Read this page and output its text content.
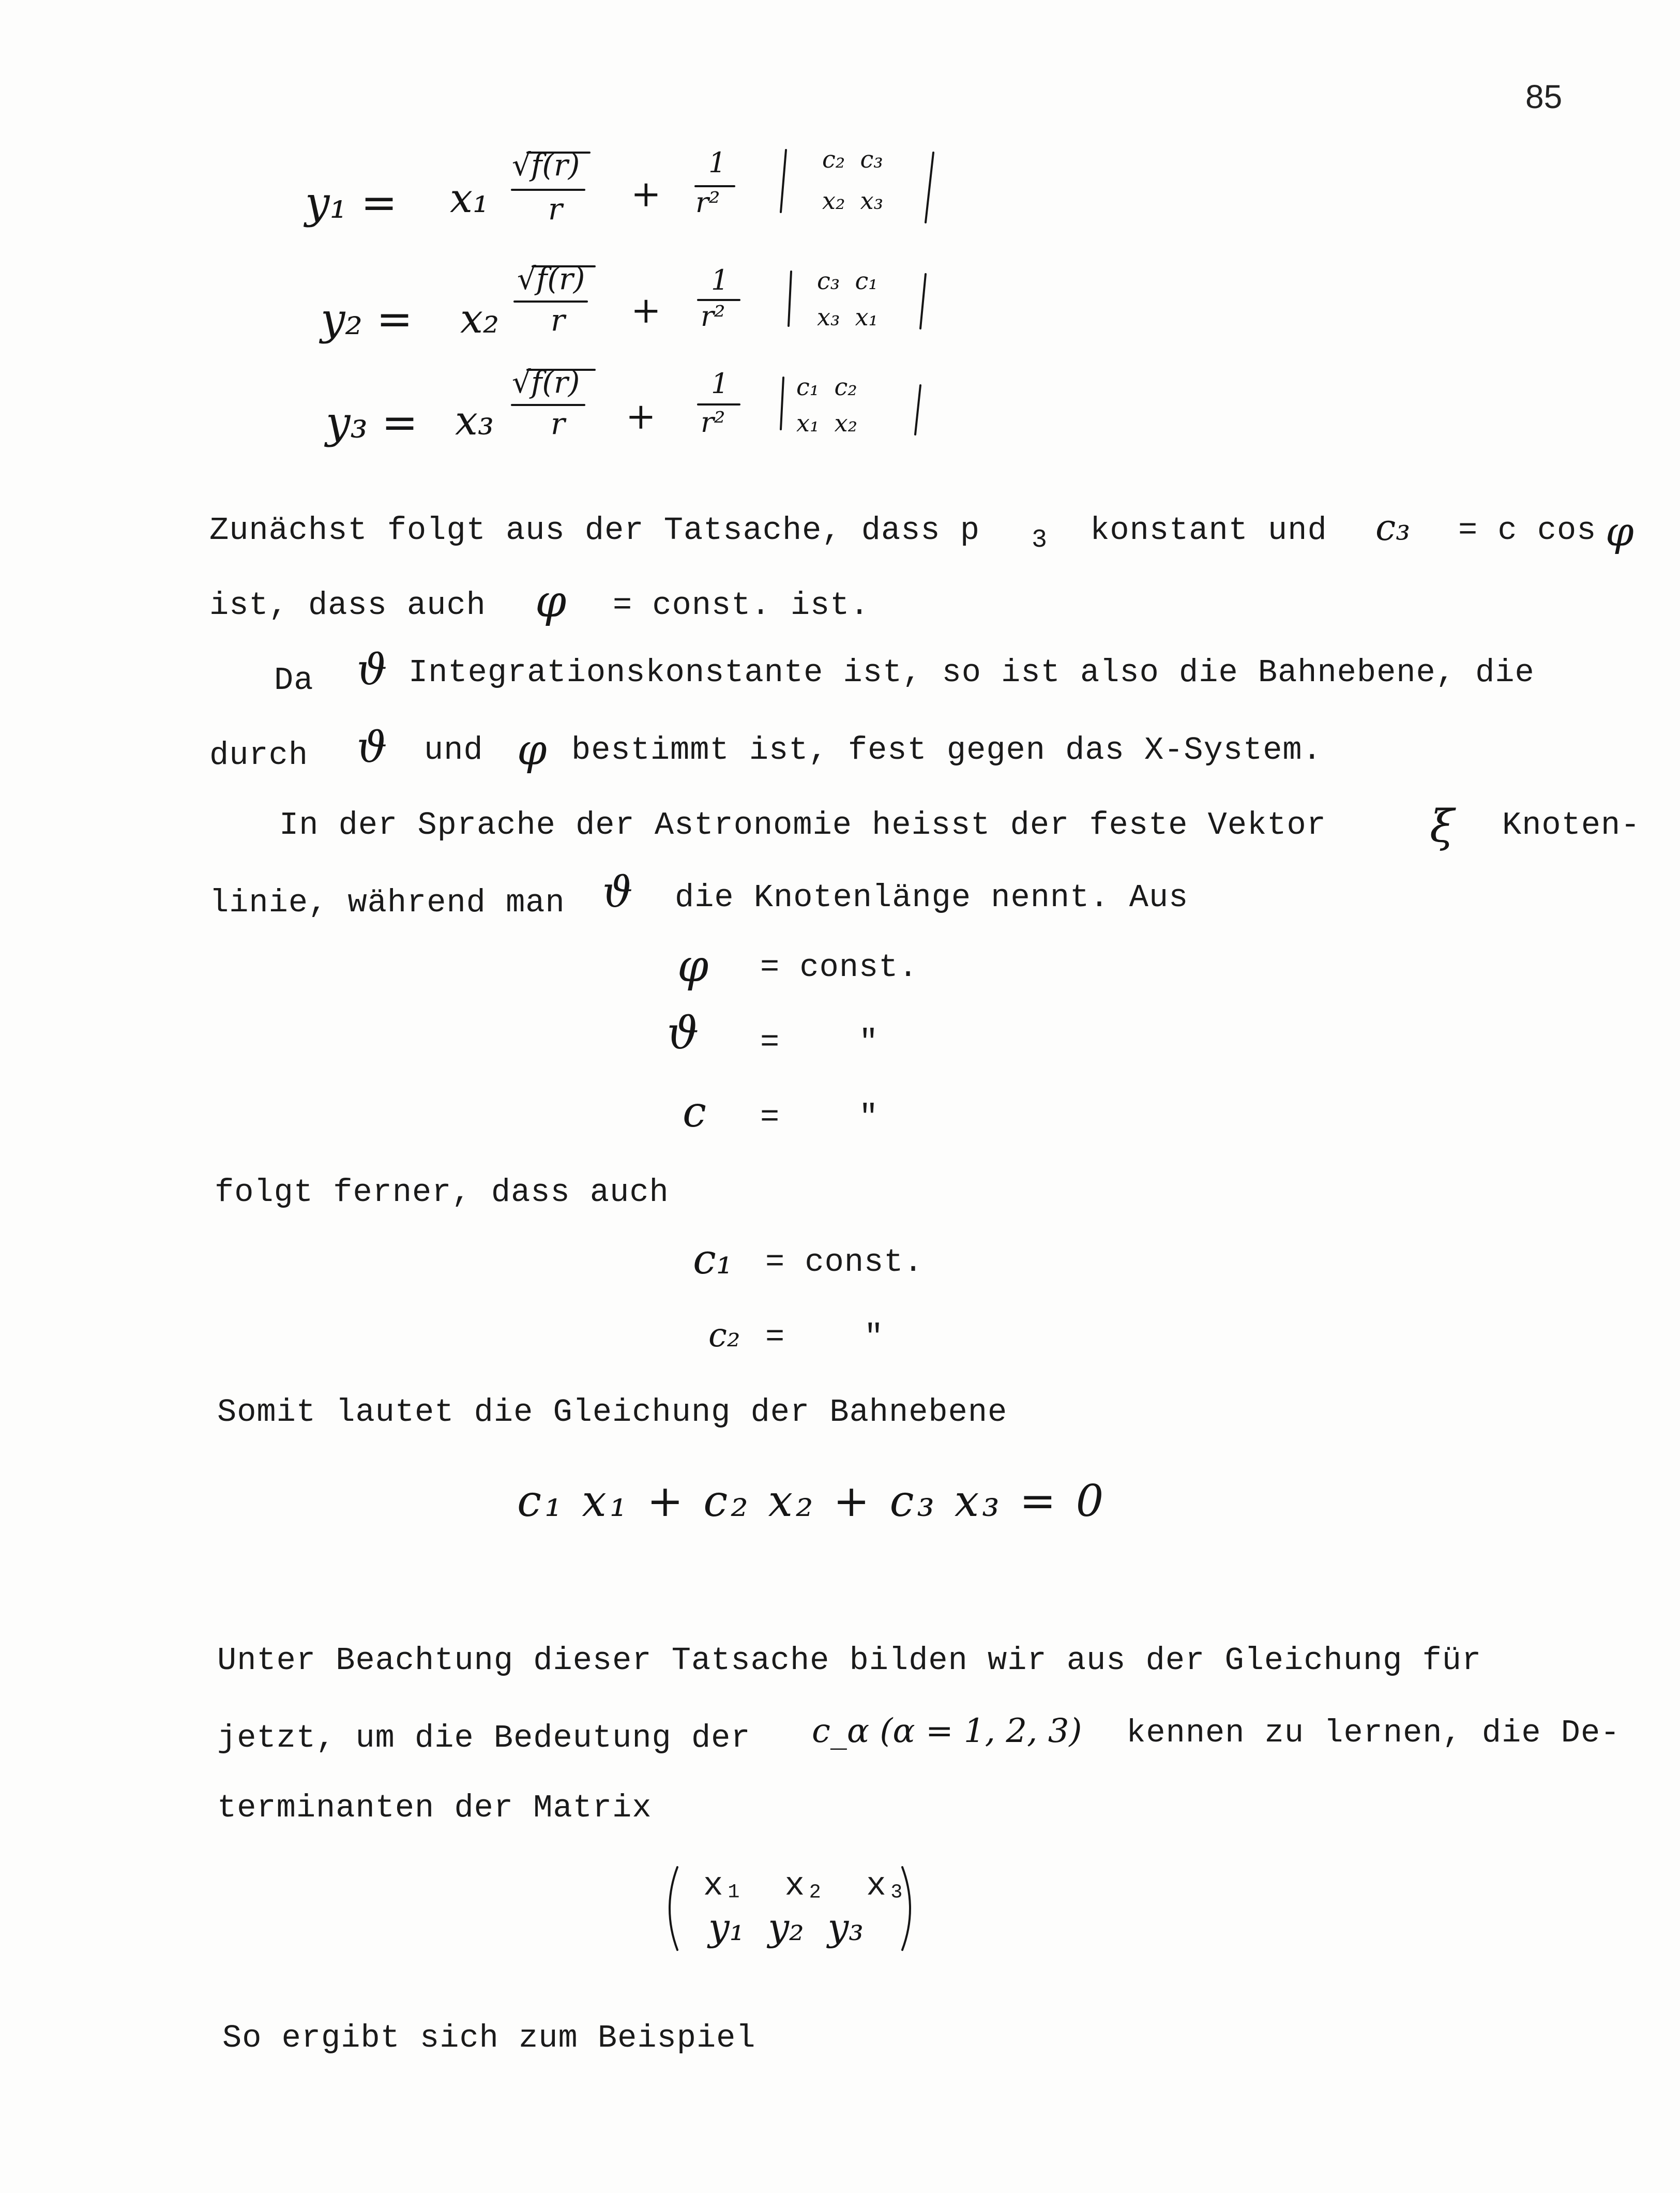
85
y₁ = x₁
√f(r)
r +
1
r²
c₂  c₃
x₂  x₃
y₂ = x₂
√f(r)
r +
1
r²
c₃  c₁
x₃  x₁
y₃ = x₃
√f(r)
r +
1
r²
c₁  c₂
x₁  x₂
Zunächst folgt aus der Tatsache, dass p 3 konstant und c₃ = c cos φ
ist, dass auch φ = const. ist.
Da ϑ Integrationskonstante ist, so ist also die Bahnebene, die
durch ϑ und φ bestimmt ist, fest gegen das X-System.
In der Sprache der Astronomie heisst der feste Vektor ξ Knoten-
linie, während man ϑ die Knotenlänge nennt. Aus
φ = const.
ϑ =    "
c =    "
folgt ferner, dass auch
c₁ = const.
c₂ =    "
Somit lautet die Gleichung der Bahnebene
c₁ x₁ + c₂ x₂ + c₃ x₃ = 0
Unter Beachtung dieser Tatsache bilden wir aus der Gleichung für
jetzt, um die Bedeutung der c_α (α = 1, 2, 3) kennen zu lernen, die De-
terminanten der Matrix
x₁  x₂  x₃
y₁  y₂  y₃
So ergibt sich zum Beispiel
